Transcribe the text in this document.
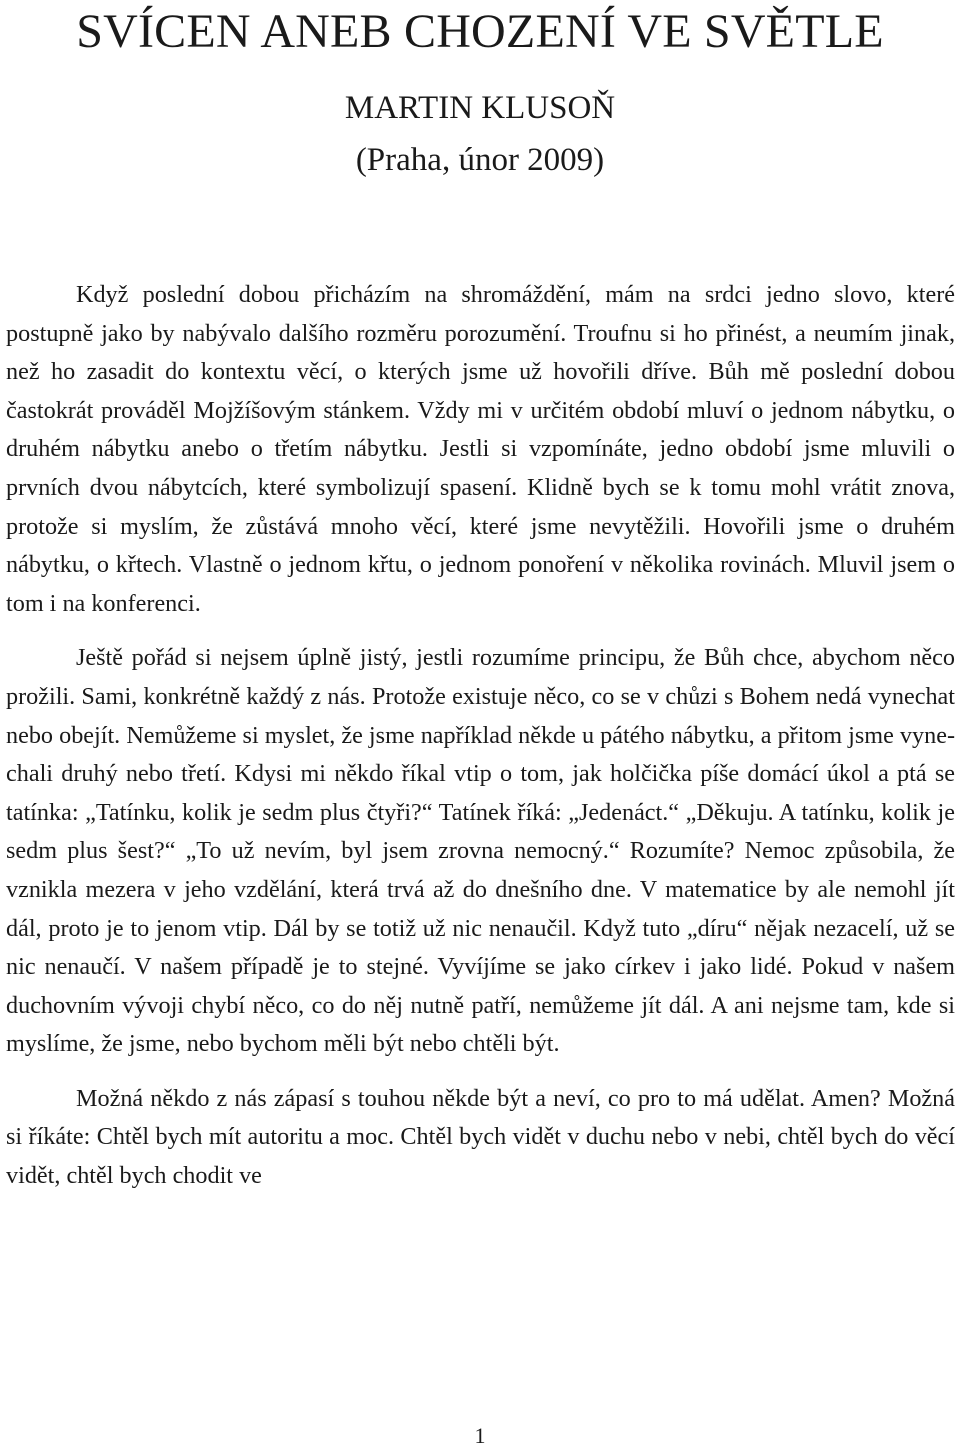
SVÍCEN ANEB CHOZENÍ VE SVĚTLE
MARTIN KLUSOŇ
(Praha, únor 2009)

Když poslední dobou přicházím na shromáždění, mám na srdci jedno slovo, které postupně jako by nabývalo dalšího rozměru porozumění. Troufnu si ho přinést, a neumím jinak, než ho zasadit do kontextu věcí, o kterých jsme už hovořili dříve. Bůh mě poslední dobou častokrát prováděl Mojžíšovým stánkem. Vždy mi v určitém období mluví o jednom nábytku, o druhém nábytku anebo o třetím nábytku. Jestli si vzpomínáte, jedno období jsme mluvili o prvních dvou nábytcích, které symbolizují spasení. Klidně bych se k tomu mohl vrátit znova, protože si myslím, že zůstává mnoho věcí, které jsme nevytěžili. Hovořili jsme o druhém nábytku, o křtech. Vlastně o jednom křtu, o jednom ponoření v několika rovinách. Mluvil jsem o tom i na konferenci.

Ještě pořád si nejsem úplně jistý, jestli rozumíme principu, že Bůh chce, abychom něco prožili. Sami, konkrétně každý z nás. Protože existuje něco, co se v chůzi s Bohem nedá vynechat nebo obejít. Nemůžeme si myslet, že jsme například někde u pátého nábytku, a přitom jsme vynechali druhý nebo třetí. Kdysi mi někdo říkal vtip o tom, jak holčička píše domácí úkol a ptá se tatínka: „Tatínku, kolik je sedm plus čtyři?“ Tatínek říká: „Jedenáct.“ „Děkuju. A tatínku, kolik je sedm plus šest?“ „To už nevím, byl jsem zrovna nemocný.“ Rozumíte? Nemoc způsobila, že vznikla mezera v jeho vzdělání, která trvá až do dnešního dne. V matematice by ale nemohl jít dál, proto je to jenom vtip. Dál by se totiž už nic nenaučil. Když tuto „díru“ nějak nezacelí, už se nic nenaučí. V našem případě je to stejné. Vyvíjíme se jako církev i jako lidé. Pokud v našem duchovním vývoji chybí něco, co do něj nutně patří, nemůžeme jít dál. A ani nejsme tam, kde si myslíme, že jsme, nebo bychom měli být nebo chtěli být.

Možná někdo z nás zápasí s touhou někde být a neví, co pro to má udělat. Amen? Možná si říkáte: Chtěl bych mít autoritu a moc. Chtěl bych vidět v duchu nebo v nebi, chtěl bych do věcí vidět, chtěl bych chodit ve

1
